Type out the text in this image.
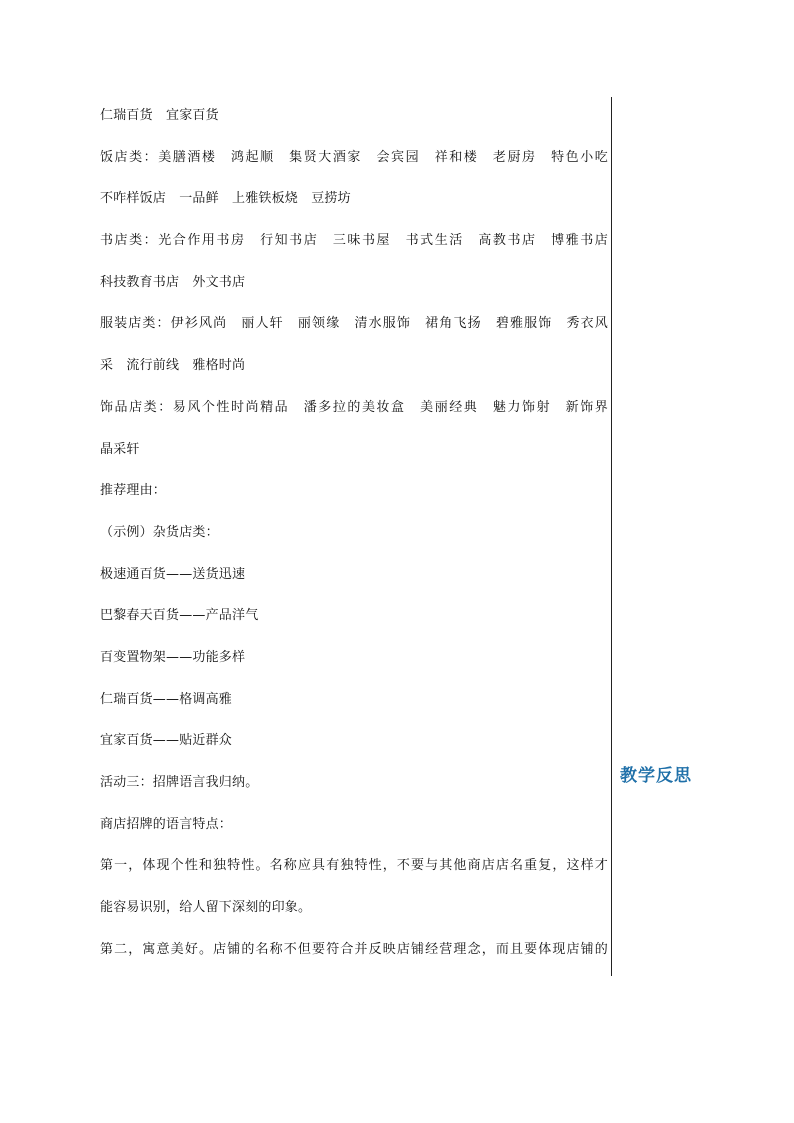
仁瑞百货　宜家百货
饭店类：美膳酒楼　鸿起顺　集贤大酒家　会宾园　祥和楼　老厨房　特色小吃
不咋样饭店　一品鲜　上雅铁板烧　豆捞坊
书店类：光合作用书房　行知书店　三味书屋　书式生活　高教书店　博雅书店
科技教育书店　外文书店
服装店类：伊衫风尚　丽人轩　丽领缘　清水服饰　裙角飞扬　碧雅服饰　秀衣风
采　流行前线　雅格时尚
饰品店类：易风个性时尚精品　潘多拉的美妆盒　美丽经典　魅力饰射　新饰界
晶采轩
推荐理由：
（示例）杂货店类：
极速通百货——送货迅速
巴黎春天百货——产品洋气
百变置物架——功能多样
仁瑞百货——格调高雅
宜家百货——贴近群众
活动三：招牌语言我归纳。
商店招牌的语言特点：
第一，体现个性和独特性。名称应具有独特性，不要与其他商店店名重复，这样才
能容易识别，给人留下深刻的印象。
第二，寓意美好。店铺的名称不但要符合并反映店铺经营理念，而且要体现店铺的
教学反思
